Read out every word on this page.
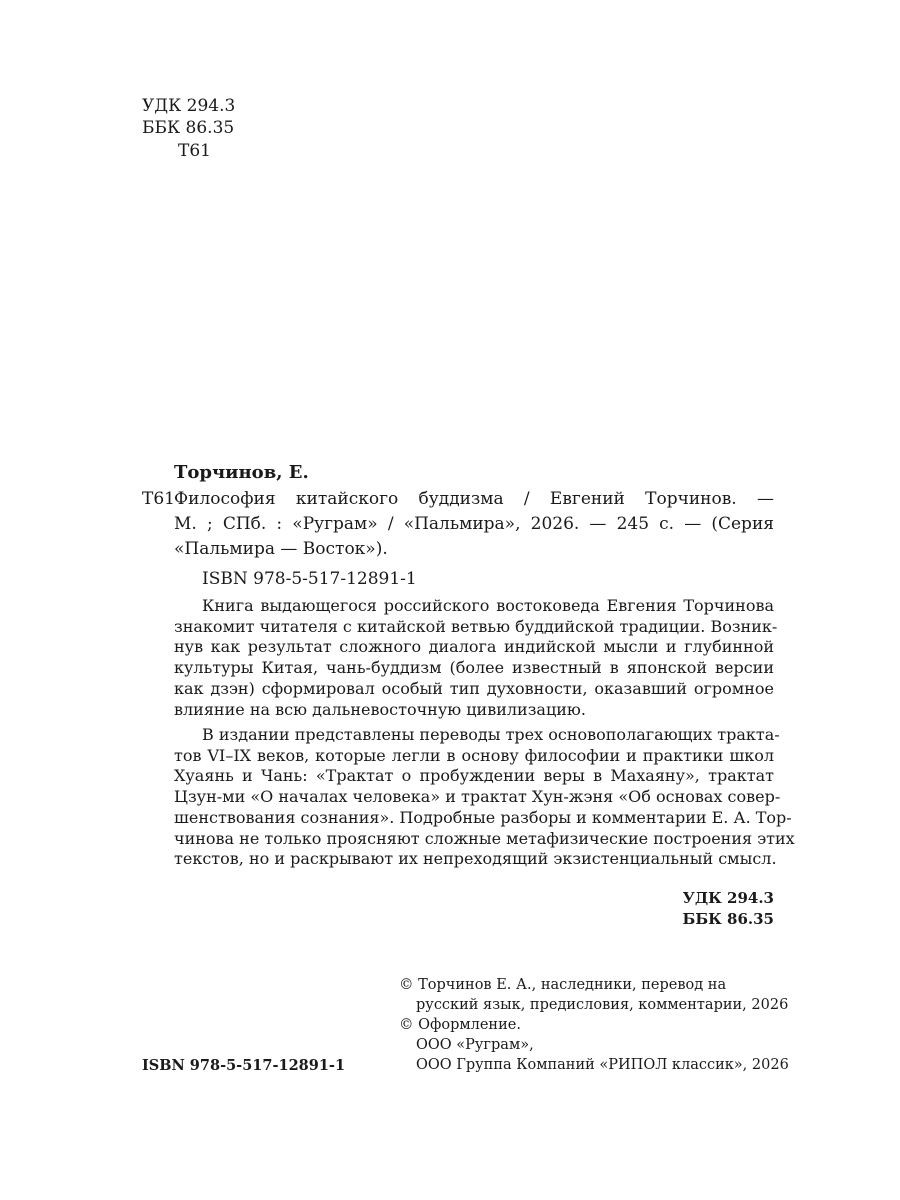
УДК 294.3
ББК 86.35
Т61
Торчинов, Е.
Т61 Философия китайского буддизма / Евгений Торчинов. —
М. ; СПб. : «Руграм» / «Пальмира», 2026. — 245 с. — (Серия
«Пальмира — Восток»).
ISBN 978-5-517-12891-1
Книга выдающегося российского востоковеда Евгения Торчинова
знакомит читателя с китайской ветвью буддийской традиции. Возник-
нув как результат сложного диалога индийской мысли и глубинной
культуры Китая, чань-буддизм (более известный в японской версии
как дзэн) сформировал особый тип духовности, оказавший огромное
влияние на всю дальневосточную цивилизацию.
В издании представлены переводы трех основополагающих тракта-
тов VI–IX веков, которые легли в основу философии и практики школ
Хуаянь и Чань: «Трактат о пробуждении веры в Махаяну», трактат
Цзун-ми «О началах человека» и трактат Хун-жэня «Об основах совер-
шенствования сознания». Подробные разборы и комментарии Е. А. Тор-
чинова не только проясняют сложные метафизические построения этих
текстов, но и раскрывают их непреходящий экзистенциальный смысл.
УДК 294.3
ББК 86.35
© Торчинов Е. А., наследники, перевод на
русский язык, предисловия, комментарии, 2026
© Оформление.
ООО «Руграм»,
ООО Группа Компаний «РИПОЛ классик», 2026
ISBN 978-5-517-12891-1
